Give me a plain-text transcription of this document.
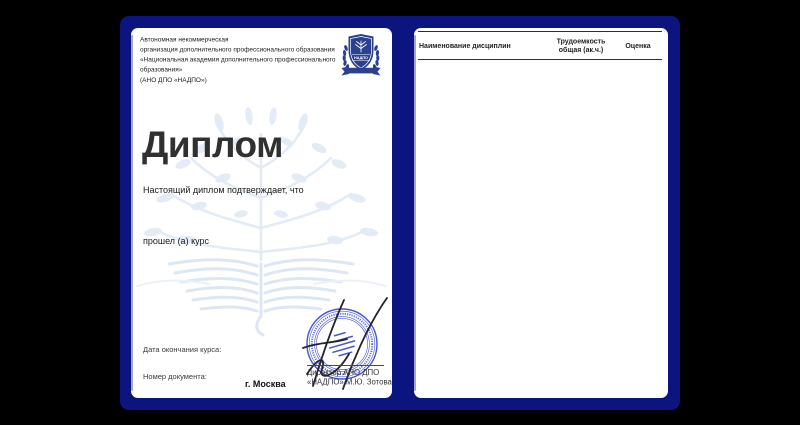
Автономная некоммерческая
организация дополнительного профессионального образования
«Национальная академия дополнительного профессионального
образования»
(АНО ДПО «НАДПО»)
НАДПО
Диплом
Настоящий диплом подтверждает, что
прошел (а) курс
Дата окончания курса:
Номер документа:
г. Москва
Директор АНО ДПО
«НАДПО» М.Ю. Зотова
Наименование дисциплин
Трудоемкость
общая (ак.ч.)	Оценка
